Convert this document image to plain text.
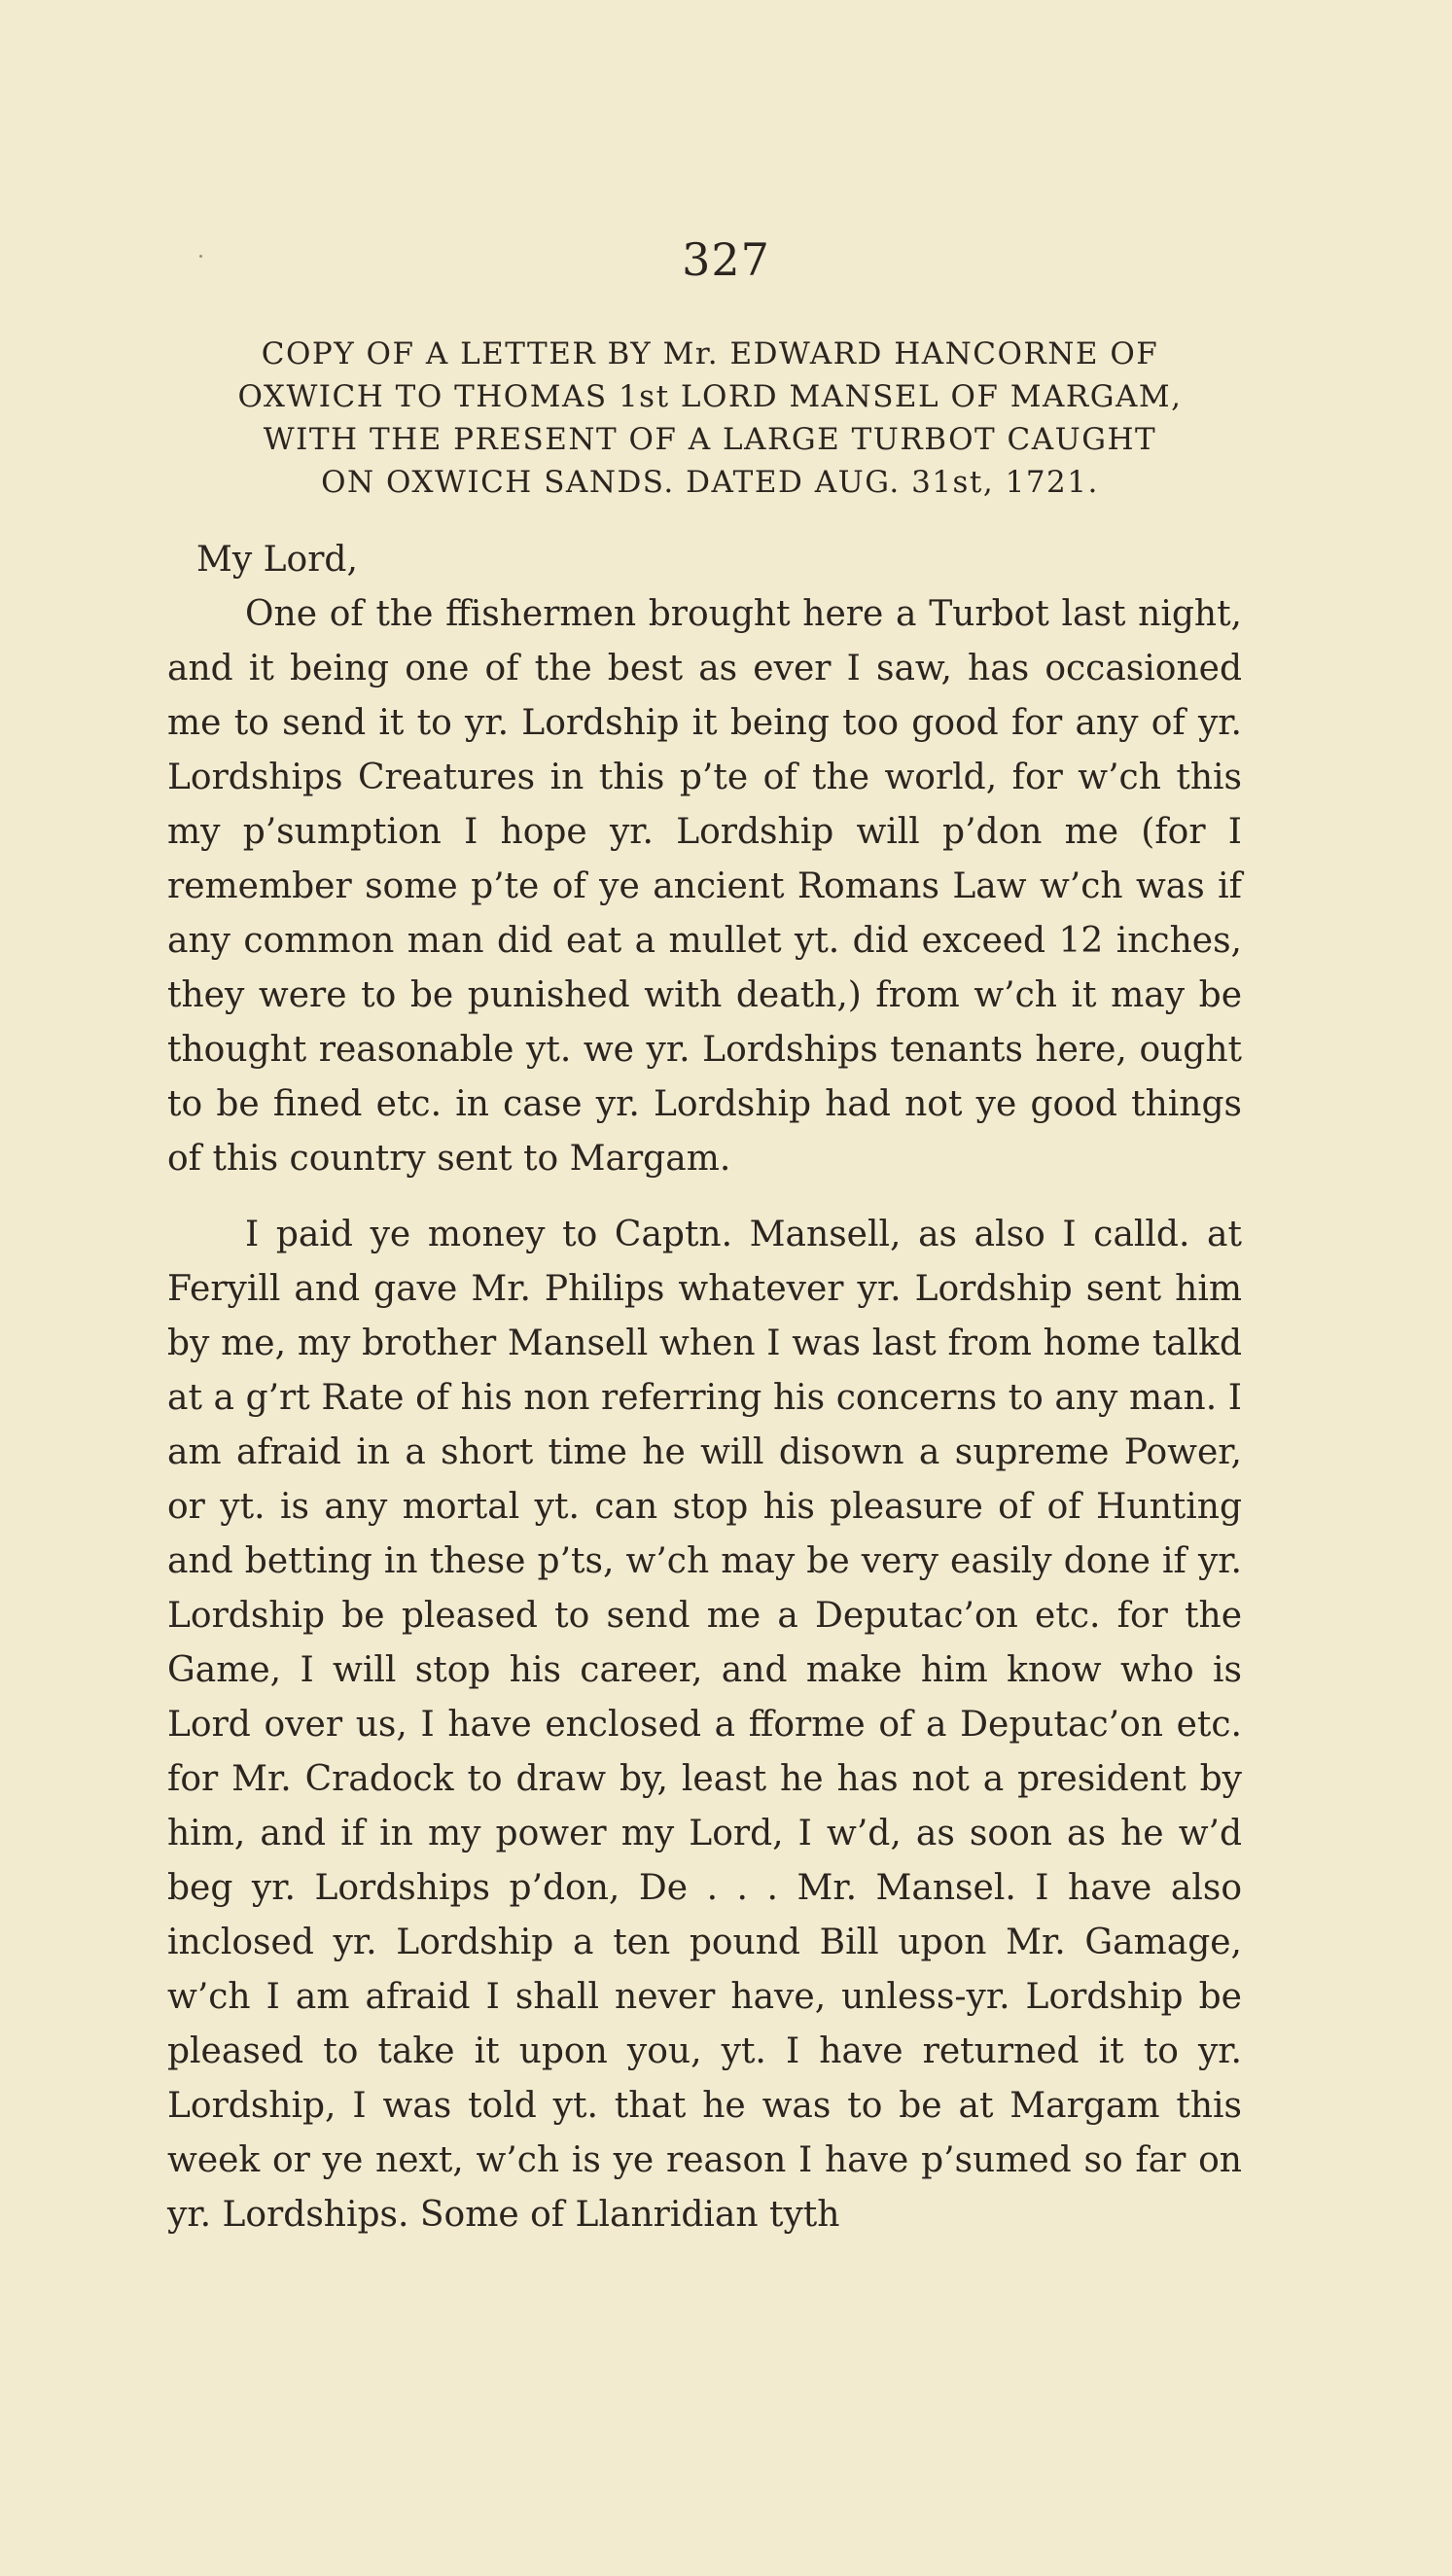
327
COPY OF A LETTER BY Mr. EDWARD HANCORNE OF
OXWICH TO THOMAS 1st LORD MANSEL OF MARGAM,
WITH THE PRESENT OF A LARGE TURBOT CAUGHT
ON OXWICH SANDS. DATED AUG. 31st, 1721.

My Lord,

One of the ffishermen brought here a Turbot last night, and it being one of the best as ever I saw, has occasioned me to send it to yr. Lordship it being too good for any of yr. Lordships Creatures in this p’te of the world, for w’ch this my p’sumption I hope yr. Lordship will p’don me (for I remember some p’te of ye ancient Romans Law w’ch was if any common man did eat a mullet yt. did exceed 12 inches, they were to be punished with death,) from w’ch it may be thought reasonable yt. we yr. Lordships tenants here, ought to be fined etc. in case yr. Lordship had not ye good things of this country sent to Margam.

I paid ye money to Captn. Mansell, as also I calld. at Feryill and gave Mr. Philips whatever yr. Lordship sent him by me, my brother Mansell when I was last from home talkd at a g’rt Rate of his non referring his concerns to any man. I am afraid in a short time he will disown a supreme Power, or yt. is any mortal yt. can stop his pleasure of of Hunting and betting in these p’ts, w’ch may be very easily done if yr. Lordship be pleased to send me a Deputac’on etc. for the Game, I will stop his career, and make him know who is Lord over us, I have enclosed a fforme of a Deputac’on etc. for Mr. Cradock to draw by, least he has not a president by him, and if in my power my Lord, I w’d, as soon as he w’d beg yr. Lordships p’don, De . . . Mr. Mansel. I have also inclosed yr. Lordship a ten pound Bill upon Mr. Gamage, w’ch I am afraid I shall never have, unless-yr. Lordship be pleased to take it upon you, yt. I have returned it to yr. Lordship, I was told yt. that he was to be at Margam this week or ye next, w’ch is ye reason I have p’sumed so far on yr. Lordships. Some of Llanridian tyth
